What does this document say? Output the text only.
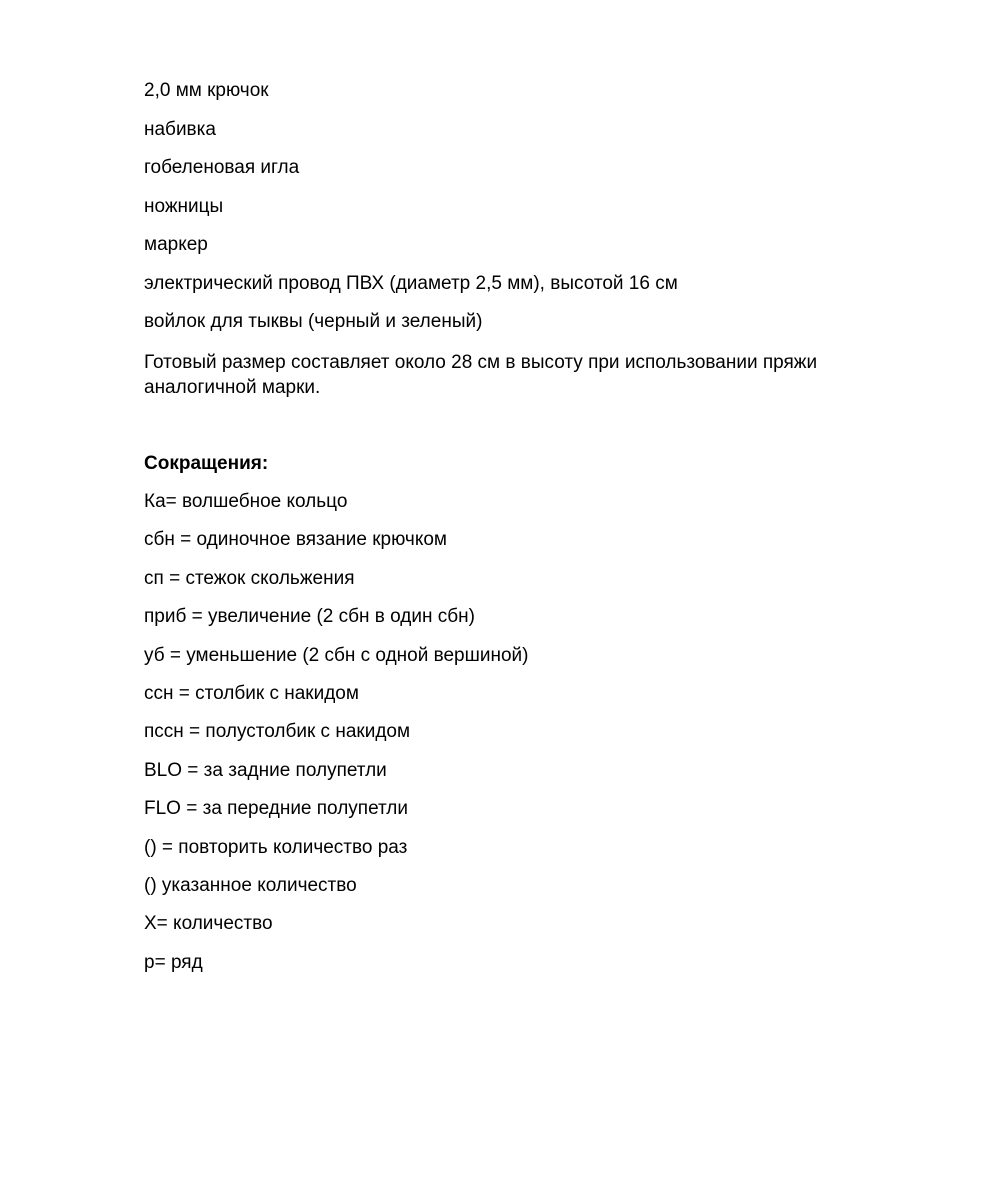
2,0 мм крючок

набивка

гобеленовая игла

ножницы

маркер

электрический провод ПВХ (диаметр 2,5 мм), высотой 16 см

войлок для тыквы (черный и зеленый)

Готовый размер составляет около 28 см в высоту при использовании пряжи аналогичной марки.

Сокращения:

Ка= волшебное кольцо

сбн = одиночное вязание крючком

сп = стежок скольжения

приб = увеличение (2 сбн в один сбн)

уб = уменьшение (2 сбн с одной вершиной)

ссн = столбик с накидом

пссн = полустолбик с накидом

BLO = за задние полупетли

FLO = за передние полупетли

() = повторить количество раз

() указанное количество

X= количество

р= ряд
